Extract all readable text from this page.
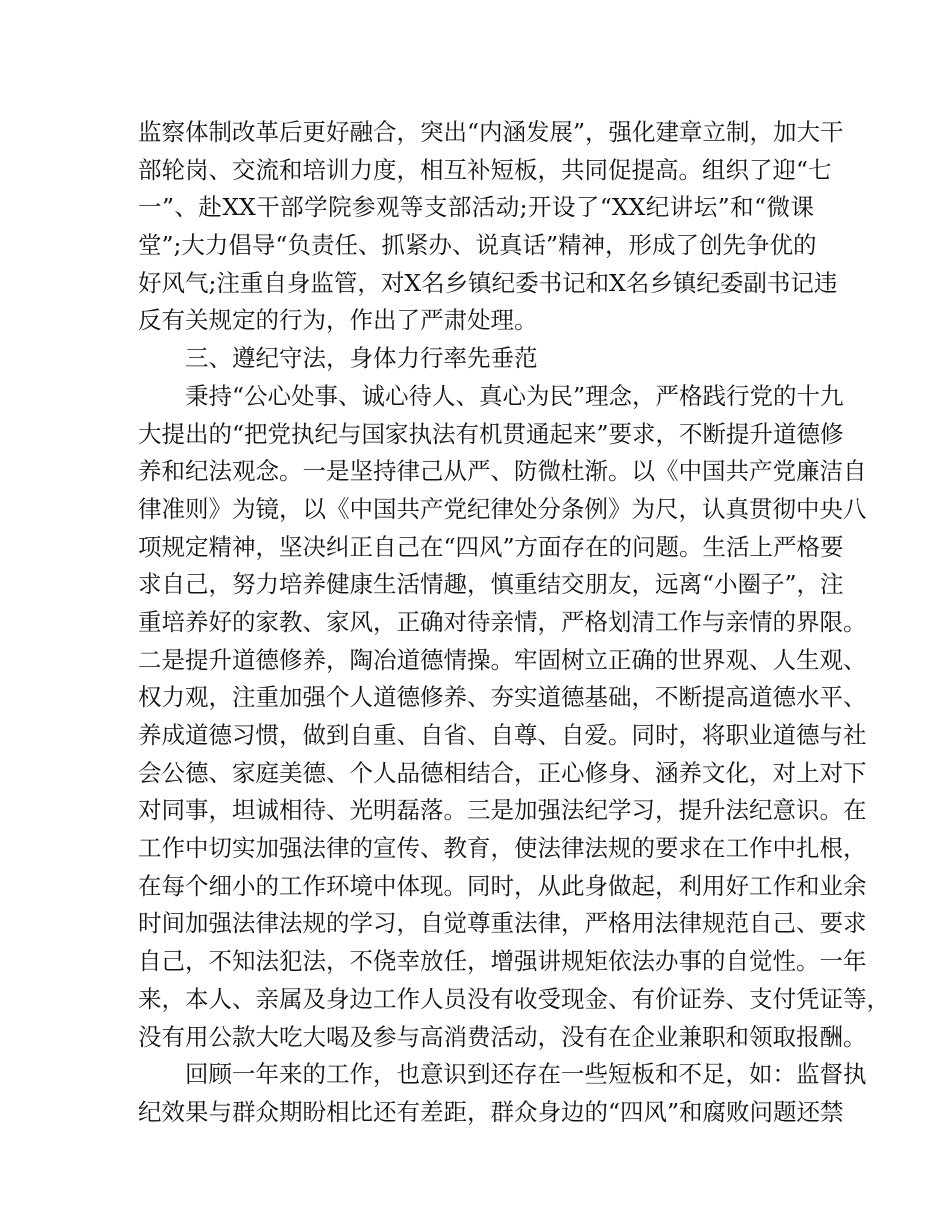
监察体制改革后更好融合，突出“内涵发展”，强化建章立制，加大干
部轮岗、交流和培训力度，相互补短板，共同促提高。组织了迎“七
一”、赴XX干部学院参观等支部活动;开设了“XX纪讲坛”和“微课
堂”;大力倡导“负责任、抓紧办、说真话”精神，形成了创先争优的
好风气;注重自身监管，对X名乡镇纪委书记和X名乡镇纪委副书记违
反有关规定的行为，作出了严肃处理。
三、遵纪守法，身体力行率先垂范
秉持“公心处事、诚心待人、真心为民”理念，严格践行党的十九
大提出的“把党执纪与国家执法有机贯通起来”要求，不断提升道德修
养和纪法观念。一是坚持律己从严、防微杜渐。以《中国共产党廉洁自
律准则》为镜，以《中国共产党纪律处分条例》为尺，认真贯彻中央八
项规定精神，坚决纠正自己在“四风”方面存在的问题。生活上严格要
求自己，努力培养健康生活情趣，慎重结交朋友，远离“小圈子”，注
重培养好的家教、家风，正确对待亲情，严格划清工作与亲情的界限。
二是提升道德修养，陶冶道德情操。牢固树立正确的世界观、人生观、
权力观，注重加强个人道德修养、夯实道德基础，不断提高道德水平、
养成道德习惯，做到自重、自省、自尊、自爱。同时，将职业道德与社
会公德、家庭美德、个人品德相结合，正心修身、涵养文化，对上对下
对同事，坦诚相待、光明磊落。三是加强法纪学习，提升法纪意识。在
工作中切实加强法律的宣传、教育，使法律法规的要求在工作中扎根，
在每个细小的工作环境中体现。同时，从此身做起，利用好工作和业余
时间加强法律法规的学习，自觉尊重法律，严格用法律规范自己、要求
自己，不知法犯法，不侥幸放任，增强讲规矩依法办事的自觉性。一年
来，本人、亲属及身边工作人员没有收受现金、有价证券、支付凭证等，
没有用公款大吃大喝及参与高消费活动，没有在企业兼职和领取报酬。
回顾一年来的工作，也意识到还存在一些短板和不足，如：监督执
纪效果与群众期盼相比还有差距，群众身边的“四风”和腐败问题还禁
